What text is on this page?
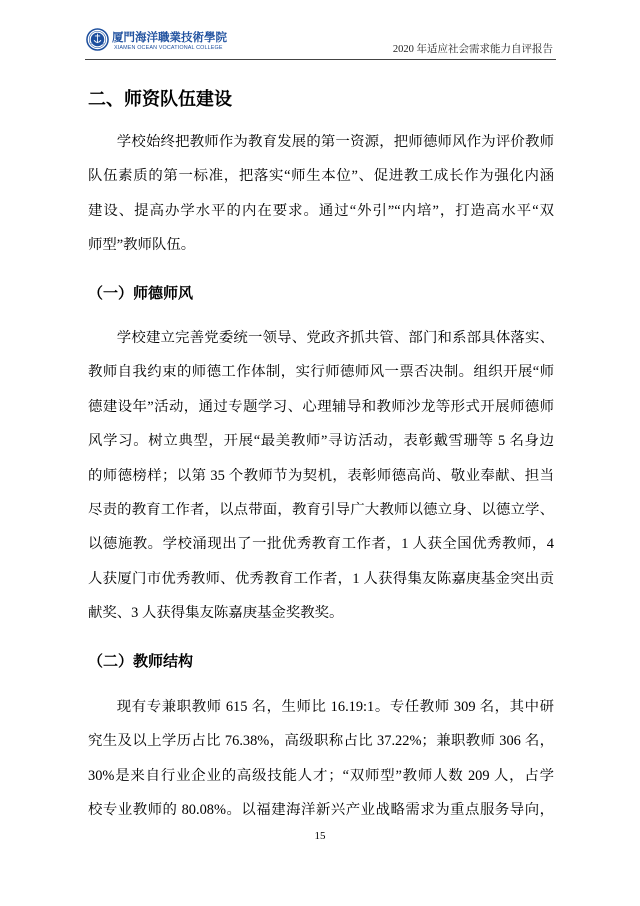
厦門海洋職業技術學院
XIAMEN OCEAN VOCATIONAL COLLEGE	2020 年适应社会需求能力自评报告
二、师资队伍建设
学校始终把教师作为教育发展的第一资源，把师德师风作为评价教师
队伍素质的第一标准，把落实“师生本位”、促进教工成长作为强化内涵
建设、提高办学水平的内在要求。通过“外引”“内培”，打造高水平“双
师型”教师队伍。
（一）师德师风
学校建立完善党委统一领导、党政齐抓共管、部门和系部具体落实、
教师自我约束的师德工作体制，实行师德师风一票否决制。组织开展“师
德建设年”活动，通过专题学习、心理辅导和教师沙龙等形式开展师德师
风学习。树立典型，开展“最美教师”寻访活动，表彰戴雪珊等 5 名身边
的师德榜样；以第 35 个教师节为契机，表彰师德高尚、敬业奉献、担当
尽责的教育工作者，以点带面，教育引导广大教师以德立身、以德立学、
以德施教。学校涌现出了一批优秀教育工作者，1 人获全国优秀教师，4
人获厦门市优秀教师、优秀教育工作者，1 人获得集友陈嘉庚基金突出贡
献奖、3 人获得集友陈嘉庚基金奖教奖。
（二）教师结构
现有专兼职教师 615 名，生师比 16.19:1。专任教师 309 名，其中研
究生及以上学历占比 76.38%，高级职称占比 37.22%；兼职教师 306 名，
30%是来自行业企业的高级技能人才；“双师型”教师人数 209 人，占学
校专业教师的 80.08%。以福建海洋新兴产业战略需求为重点服务导向，
15
